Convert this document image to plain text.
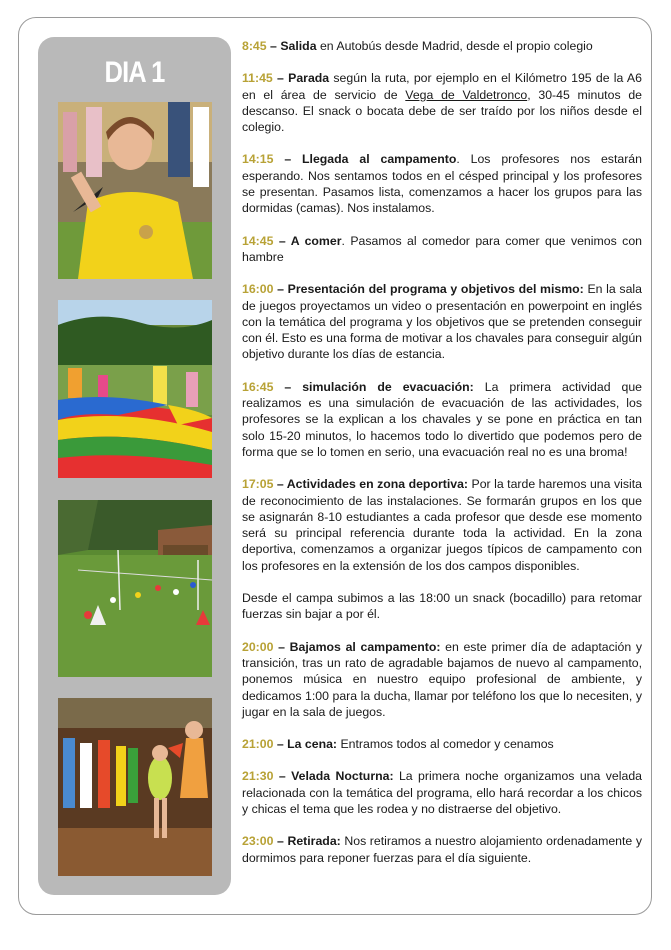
DIA 1

8:45 – Salida en Autobús desde Madrid, desde el propio colegio

11:45 – Parada según la ruta, por ejemplo en el Kilómetro 195 de la A6 en el área de servicio de Vega de Valdetronco, 30-45 minutos de descanso. El snack o bocata debe de ser traído por los niños desde el colegio.

14:15 – Llegada al campamento. Los profesores nos estarán esperando. Nos sentamos todos en el césped principal y los profesores se presentan. Pasamos lista, comenzamos a hacer los grupos para las dormidas (camas). Nos instalamos.

14:45 – A comer. Pasamos al comedor para comer que venimos con hambre

16:00 – Presentación del programa y objetivos del mismo: En la sala de juegos proyectamos un video o presentación en powerpoint en inglés con la temática del programa y los objetivos que se pretenden conseguir con él. Esto es una forma de motivar a los chavales para conseguir algún objetivo durante los días de estancia.

16:45 – simulación de evacuación: La primera actividad que realizamos es una simulación de evacuación de las actividades, los profesores se la explican a los chavales y se pone en práctica en tan solo 15-20 minutos, lo hacemos todo lo divertido que podemos pero de forma que se lo tomen en serio, una evacuación real no es una broma!

17:05 – Actividades en zona deportiva: Por la tarde haremos una visita de reconocimiento de las instalaciones. Se formarán grupos en los que se asignarán 8-10 estudiantes a cada profesor que desde ese momento será su principal referencia durante toda la actividad. En la zona deportiva, comenzamos a organizar juegos típicos de campamento con los profesores en la extensión de los dos campos disponibles.

Desde el campa subimos a las 18:00 un snack (bocadillo) para retomar fuerzas sin bajar a por él.

20:00 – Bajamos al campamento: en este primer día de adaptación y transición, tras un rato de agradable bajamos de nuevo al campamento, ponemos música en nuestro equipo profesional de ambiente, y dedicamos 1:00 para la ducha, llamar por teléfono los que lo necesiten, y jugar en la sala de juegos.

21:00 – La cena: Entramos todos al comedor y cenamos

21:30 – Velada Nocturna: La primera noche organizamos una velada relacionada con la temática del programa, ello hará recordar a los chicos y chicas el tema que les rodea y no distraerse del objetivo.

23:00 – Retirada: Nos retiramos a nuestro alojamiento ordenadamente y dormimos para reponer fuerzas para el día siguiente.
